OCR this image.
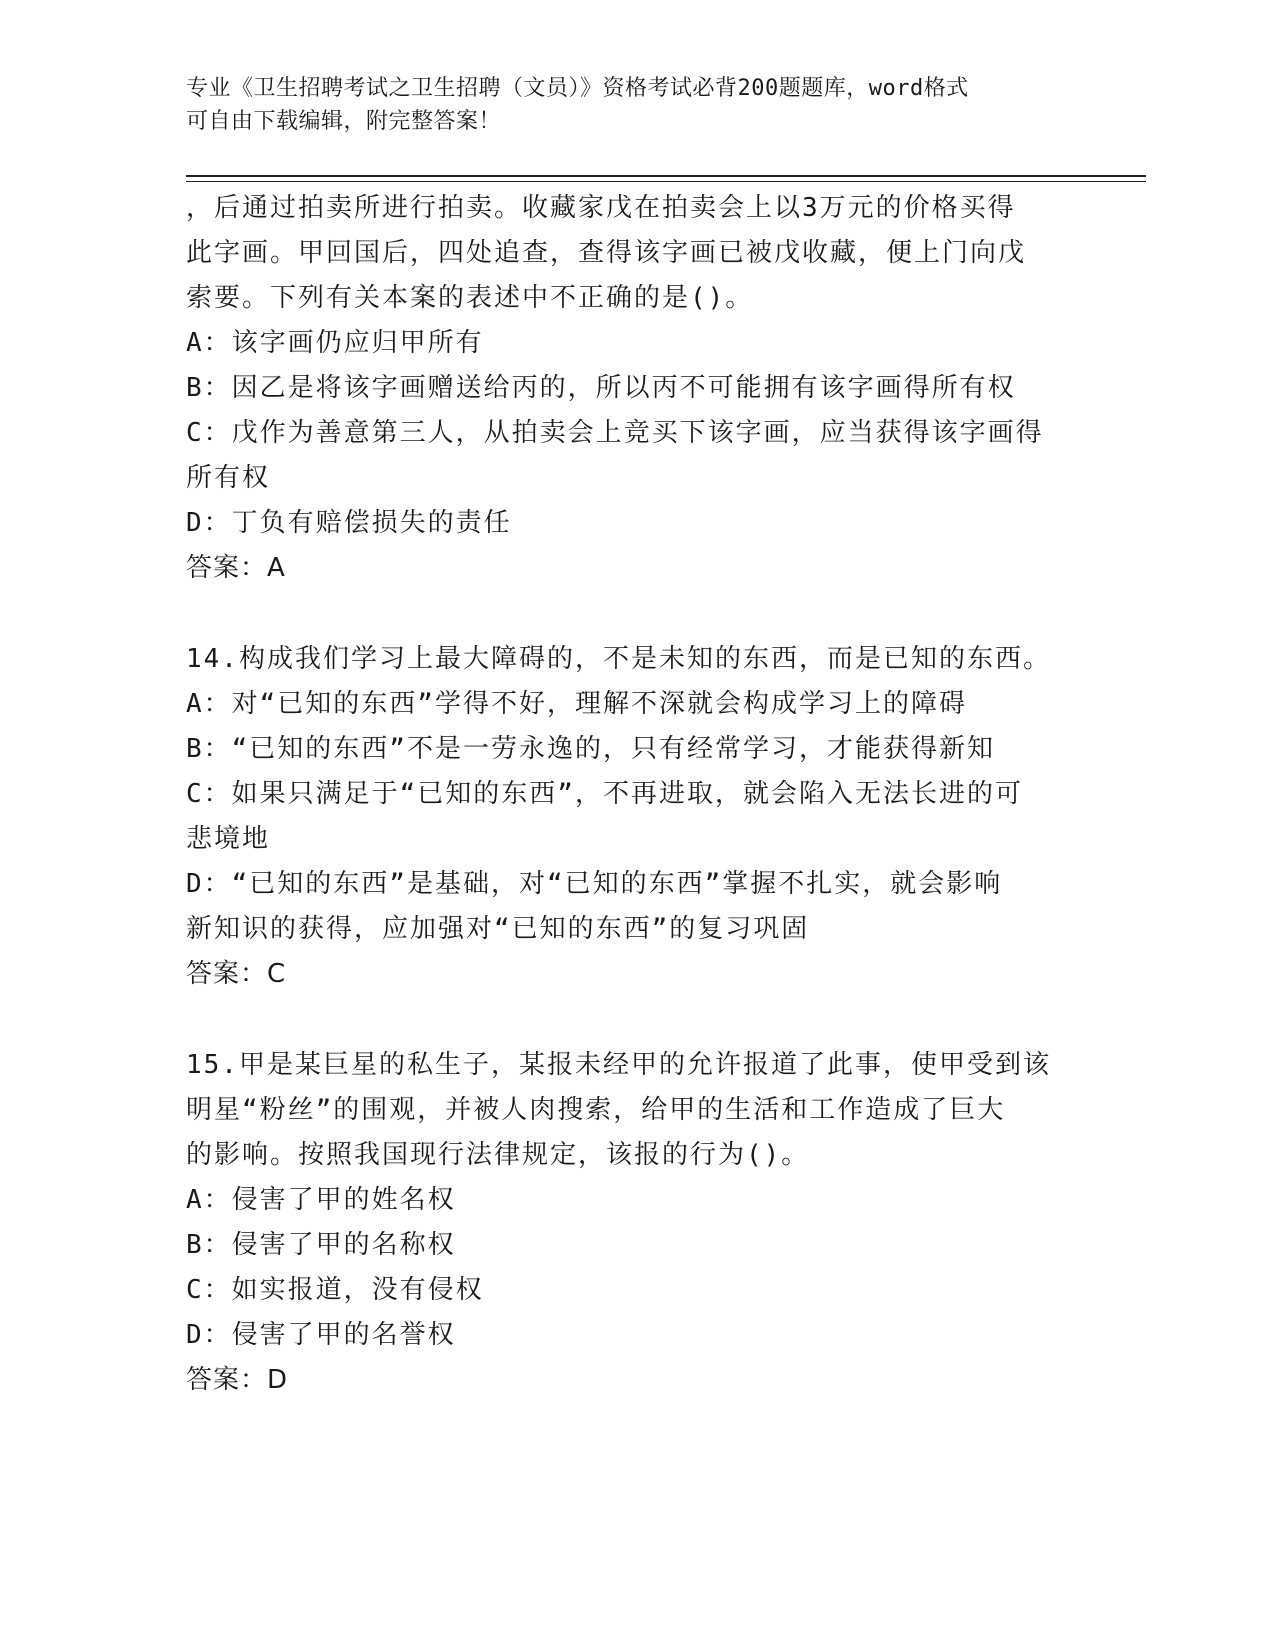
专业《卫生招聘考试之卫生招聘（文员）》资格考试必背200题题库，word格式
可自由下载编辑，附完整答案！
，后通过拍卖所进行拍卖。收藏家戊在拍卖会上以3万元的价格买得
此字画。甲回国后，四处追查，查得该字画已被戊收藏，便上门向戊
索要。下列有关本案的表述中不正确的是()。
A：该字画仍应归甲所有
B：因乙是将该字画赠送给丙的，所以丙不可能拥有该字画得所有权
C：戊作为善意第三人，从拍卖会上竞买下该字画，应当获得该字画得
所有权
D：丁负有赔偿损失的责任
答案：A
14.构成我们学习上最大障碍的，不是未知的东西，而是已知的东西。
A：对“已知的东西”学得不好，理解不深就会构成学习上的障碍
B：“已知的东西”不是一劳永逸的，只有经常学习，才能获得新知
C：如果只满足于“已知的东西”，不再进取，就会陷入无法长进的可
悲境地
D：“已知的东西”是基础，对“已知的东西”掌握不扎实，就会影响
新知识的获得，应加强对“已知的东西”的复习巩固
答案：C
15.甲是某巨星的私生子，某报未经甲的允许报道了此事，使甲受到该
明星“粉丝”的围观，并被人肉搜索，给甲的生活和工作造成了巨大
的影响。按照我国现行法律规定，该报的行为()。
A：侵害了甲的姓名权
B：侵害了甲的名称权
C：如实报道，没有侵权
D：侵害了甲的名誉权
答案：D
